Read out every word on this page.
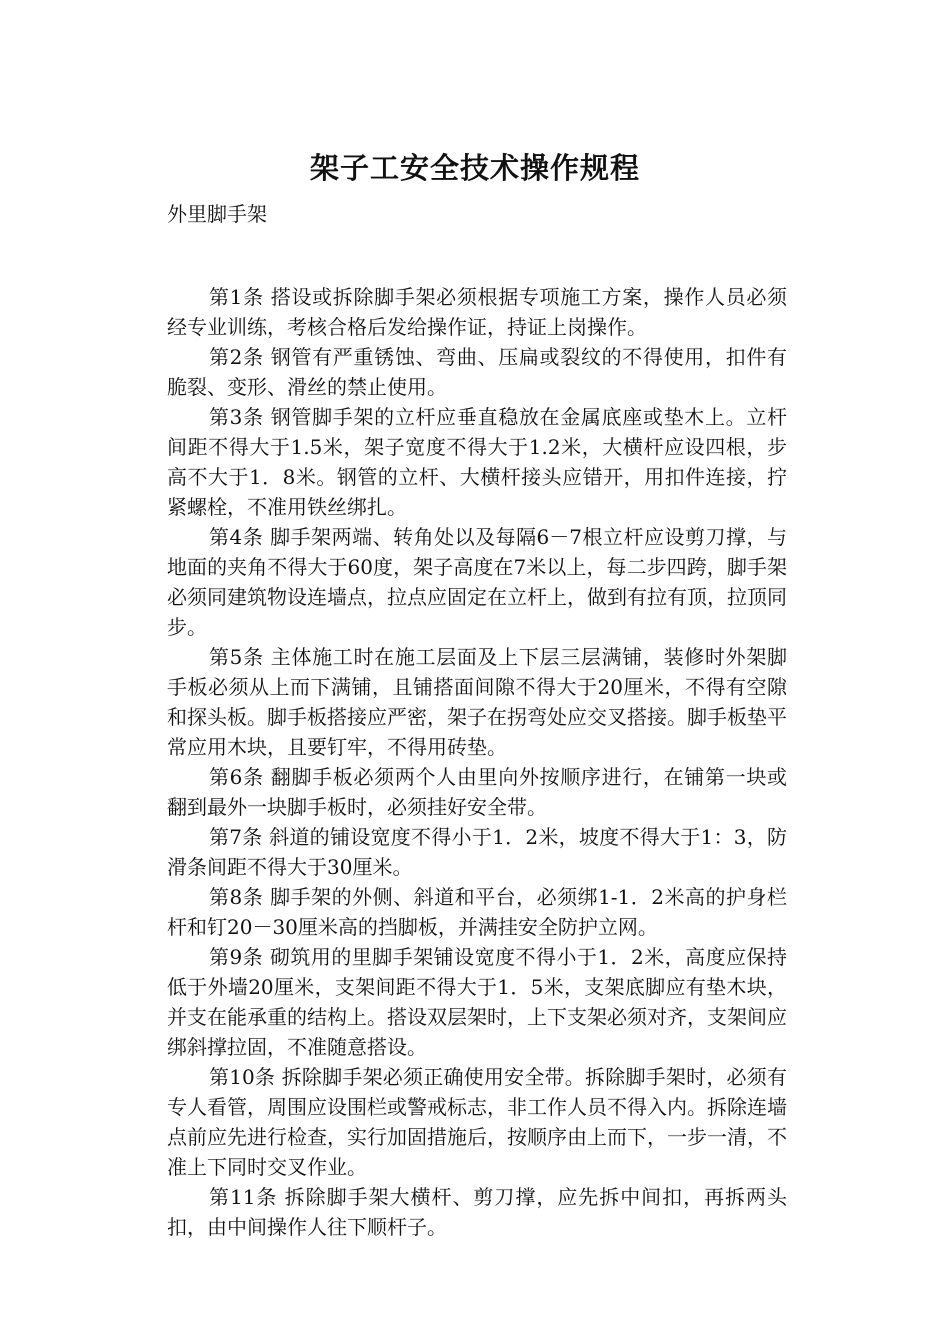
架子工安全技术操作规程
外里脚手架

第1条 搭设或拆除脚手架必须根据专项施工方案，操作人员必须经专业训练，考核合格后发给操作证，持证上岗操作。

第2条 钢管有严重锈蚀、弯曲、压扁或裂纹的不得使用，扣件有脆裂、变形、滑丝的禁止使用。

第3条 钢管脚手架的立杆应垂直稳放在金属底座或垫木上。立杆间距不得大于1.5米，架子宽度不得大于1.2米，大横杆应设四根，步高不大于1．8米。钢管的立杆、大横杆接头应错开，用扣件连接，拧紧螺栓，不准用铁丝绑扎。

第4条 脚手架两端、转角处以及每隔6－7根立杆应设剪刀撑，与地面的夹角不得大于60度，架子高度在7米以上，每二步四跨，脚手架必须同建筑物设连墙点，拉点应固定在立杆上，做到有拉有顶，拉顶同步。

第5条 主体施工时在施工层面及上下层三层满铺，装修时外架脚手板必须从上而下满铺，且铺搭面间隙不得大于20厘米，不得有空隙和探头板。脚手板搭接应严密，架子在拐弯处应交叉搭接。脚手板垫平常应用木块，且要钉牢，不得用砖垫。

第6条 翻脚手板必须两个人由里向外按顺序进行，在铺第一块或翻到最外一块脚手板时，必须挂好安全带。

第7条 斜道的铺设宽度不得小于1．2米，坡度不得大于1：3，防滑条间距不得大于30厘米。

第8条 脚手架的外侧、斜道和平台，必须绑1-1．2米高的护身栏杆和钉20－30厘米高的挡脚板，并满挂安全防护立网。

第9条 砌筑用的里脚手架铺设宽度不得小于1．2米，高度应保持低于外墙20厘米，支架间距不得大于1．5米，支架底脚应有垫木块，并支在能承重的结构上。搭设双层架时，上下支架必须对齐，支架间应绑斜撑拉固，不准随意搭设。

第10条 拆除脚手架必须正确使用安全带。拆除脚手架时，必须有专人看管，周围应设围栏或警戒标志，非工作人员不得入内。拆除连墙点前应先进行检查，实行加固措施后，按顺序由上而下，一步一清，不准上下同时交叉作业。

第11条 拆除脚手架大横杆、剪刀撑，应先拆中间扣，再拆两头扣，由中间操作人往下顺杆子。
